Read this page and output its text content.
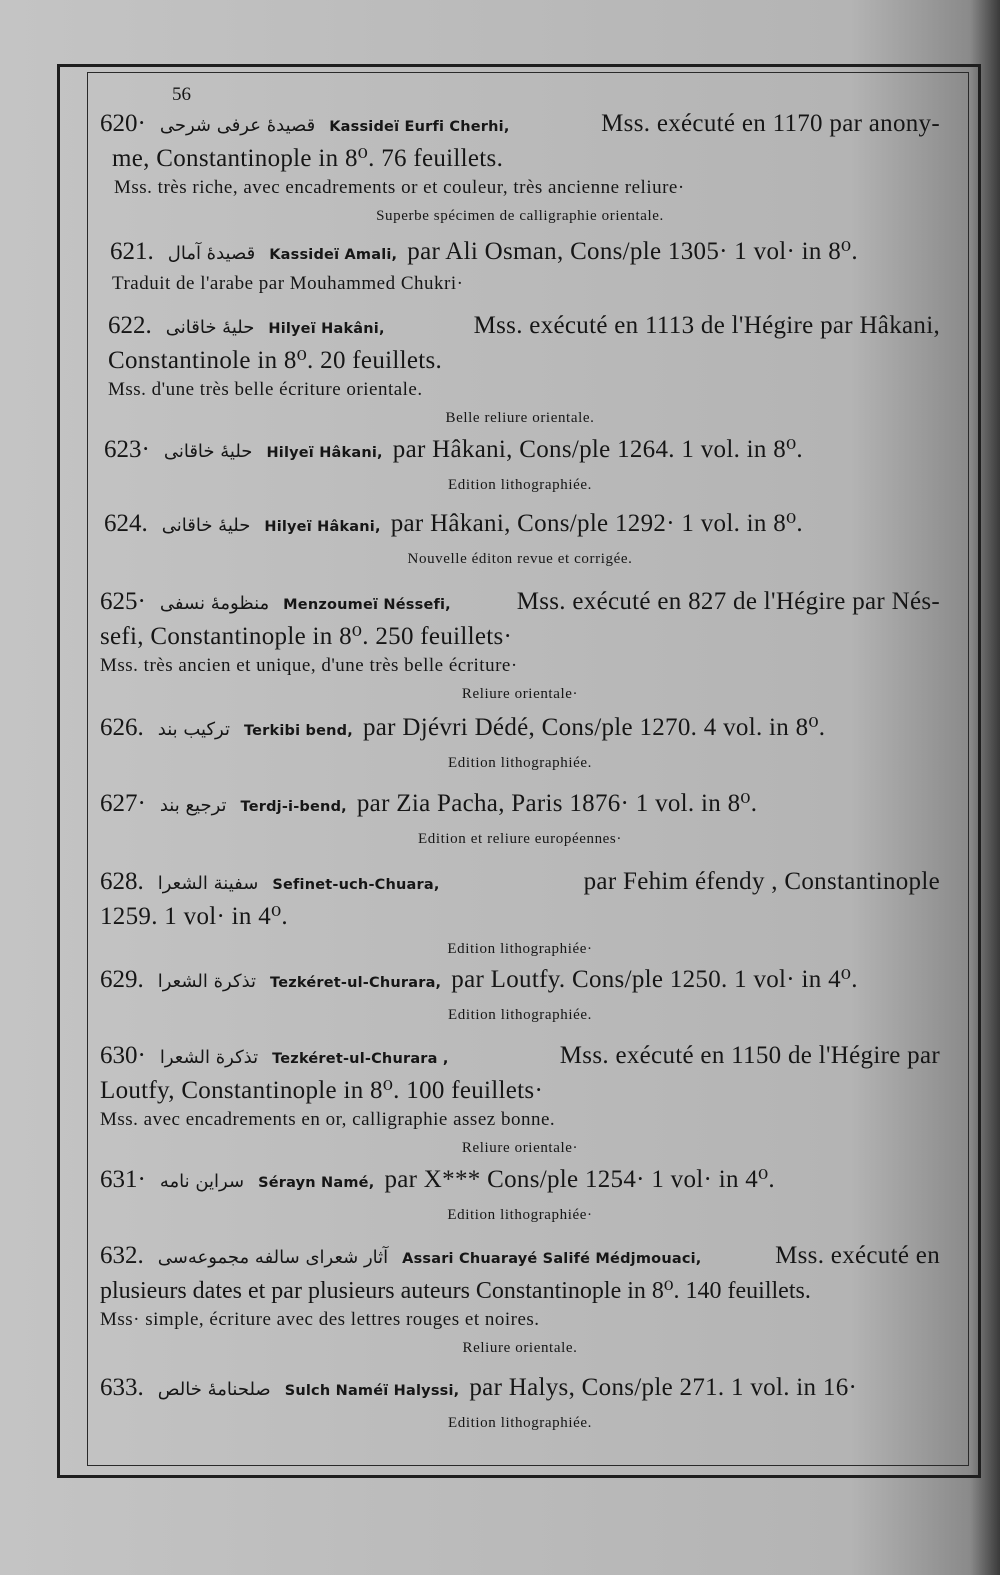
56
620· قصيدهٔ عرفی شرحی Kassideï Eurfi Cherhi,	Mss. exécuté en 1170 par anony-
me, Constantinople in 8⁰. 76 feuillets.
Mss. très riche, avec encadrements or et couleur, très ancienne reliure·
Superbe spécimen de calligraphie orientale.
621. قصيدهٔ آمال Kassideï Amali, par Ali Osman, Cons/ple 1305· 1 vol· in 8⁰.
Traduit de l'arabe par Mouhammed Chukri·
622. حلیهٔ خاقانی Hilyeï Hakâni,	Mss. exécuté en 1113 de l'Hégire par Hâkani,
Constantinole in 8⁰. 20 feuillets.
Mss. d'une très belle écriture orientale.
Belle reliure orientale.
623· حلیهٔ خاقانی Hilyeï Hâkani, par Hâkani, Cons/ple 1264. 1 vol. in 8⁰.
Edition lithographiée.
624. حلیهٔ خاقانی Hilyeï Hâkani, par Hâkani, Cons/ple 1292· 1 vol. in 8⁰.
Nouvelle éditon revue et corrigée.
625· منظومهٔ نسفی Menzoumeï Néssefi,	Mss. exécuté en 827 de l'Hégire par Nés-
sefi, Constantinople in 8⁰. 250 feuillets·
Mss. très ancien et unique, d'une très belle écriture·
Reliure orientale·
626. ترکیب بند Terkibi bend, par Djévri Dédé, Cons/ple 1270. 4 vol. in 8⁰.
Edition lithographiée.
627· ترجیع بند Terdj-i-bend, par Zia Pacha, Paris 1876· 1 vol. in 8⁰.
Edition et reliure européennes·
628. سفینة الشعرا Sefinet-uch-Chuara,	par Fehim éfendy , Constantinople
1259. 1 vol· in 4⁰.
Edition lithographiée·
629. تذکرة الشعرا Tezkéret-ul-Churara, par Loutfy. Cons/ple 1250. 1 vol· in 4⁰.
Edition lithographiée.
630· تذکرة الشعرا Tezkéret-ul-Churara ,	Mss. exécuté en 1150 de l'Hégire par
Loutfy, Constantinople in 8⁰. 100 feuillets·
Mss. avec encadrements en or, calligraphie assez bonne.
Reliure orientale·
631· سراین نامه Sérayn Namé, par X*** Cons/ple 1254· 1 vol· in 4⁰.
Edition lithographiée·
632. آثار شعرای سالفه مجموعه‌سی Assari Chuarayé Salifé Médjmouaci,	Mss. exécuté en
plusieurs dates et par plusieurs auteurs Constantinople in 8⁰. 140 feuillets.
Mss· simple, écriture avec des lettres rouges et noires.
Reliure orientale.
633. صلحنامهٔ خالص Sulch Naméï Halyssi, par Halys, Cons/ple 271. 1 vol. in 16·
Edition lithographiée.
